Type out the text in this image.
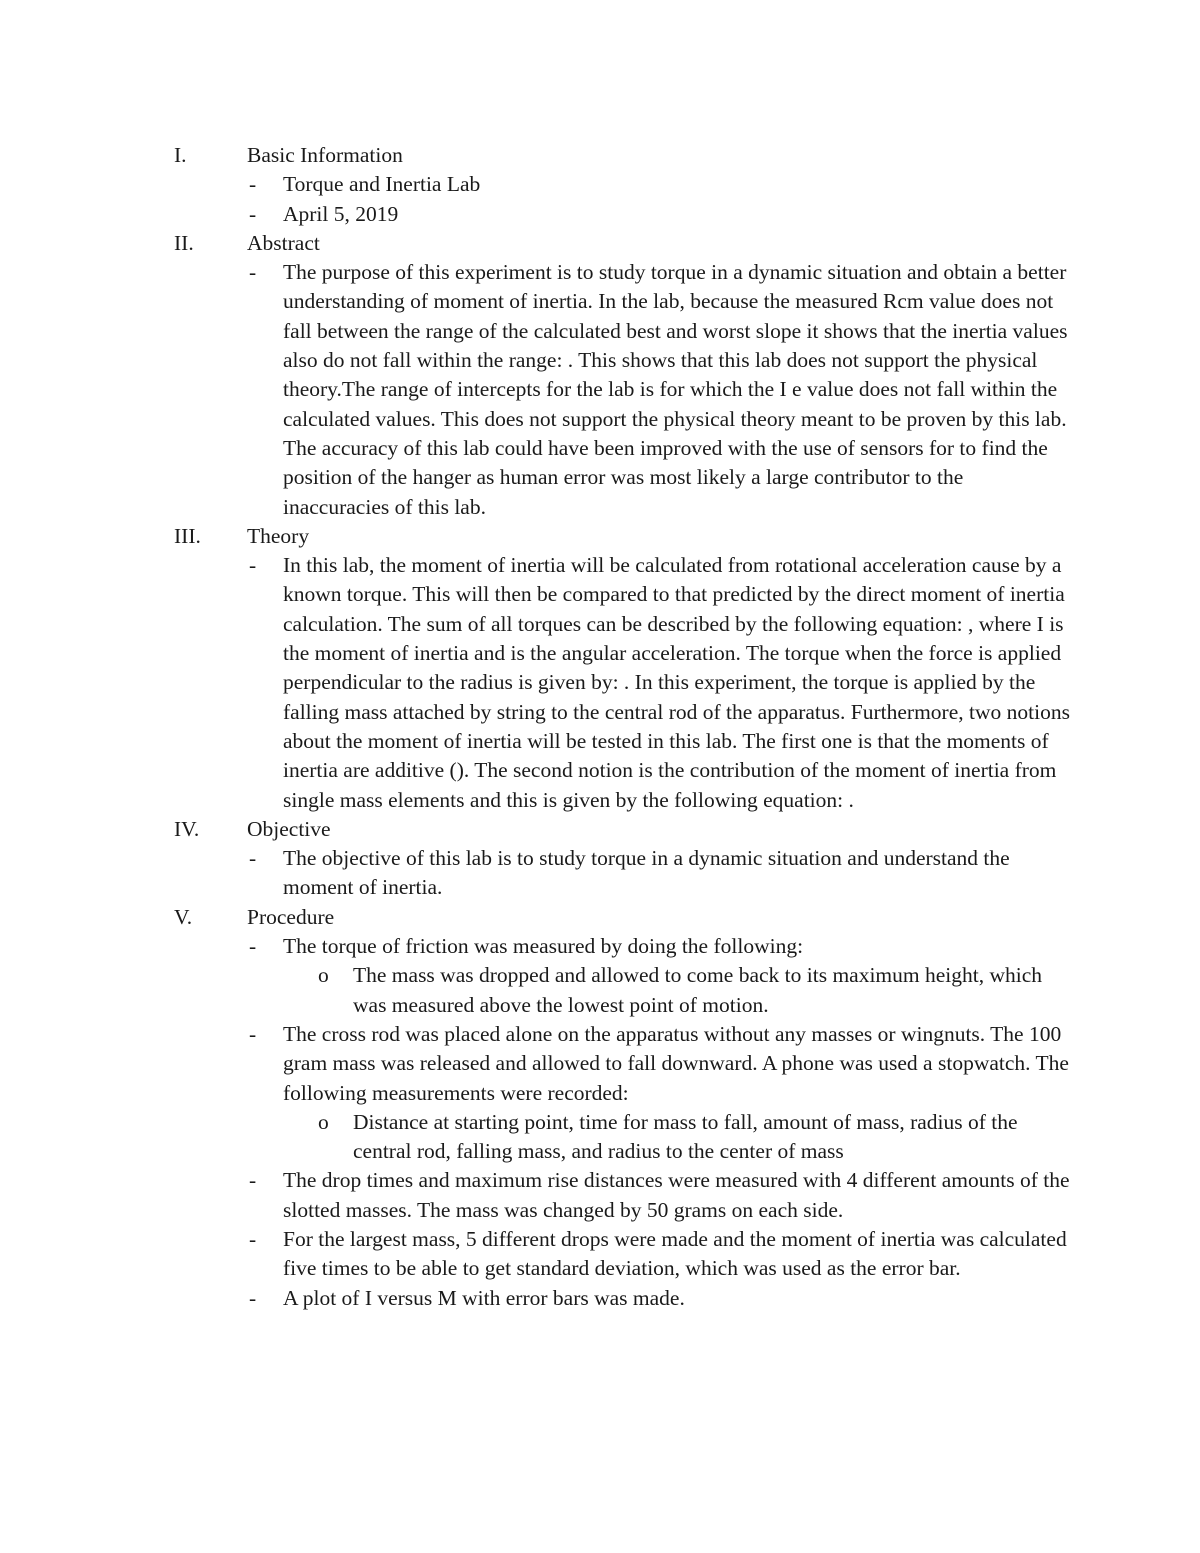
I.	Basic Information
- Torque and Inertia Lab
- April 5, 2019
II. Abstract
- The purpose of this experiment is to study torque in a dynamic situation and obtain a better understanding of moment of inertia. In the lab, because the measured Rcm value does not fall between the range of the calculated best and worst slope it shows that the inertia values also do not fall within the range: . This shows that this lab does not support the physical theory.The range of intercepts for the lab is for which the I e value does not fall within the calculated values. This does not support the physical theory meant to be proven by this lab. The accuracy of this lab could have been improved with the use of sensors for to find the position of the hanger as human error was most likely a large contributor to the inaccuracies of this lab.
III. Theory
- In this lab, the moment of inertia will be calculated from rotational acceleration cause by a known torque. This will then be compared to that predicted by the direct moment of inertia calculation. The sum of all torques can be described by the following equation: , where I is the moment of inertia and is the angular acceleration. The torque when the force is applied perpendicular to the radius is given by: . In this experiment, the torque is applied by the falling mass attached by string to the central rod of the apparatus. Furthermore, two notions about the moment of inertia will be tested in this lab. The first one is that the moments of inertia are additive (). The second notion is the contribution of the moment of inertia from single mass elements and this is given by the following equation: .
IV. Objective
- The objective of this lab is to study torque in a dynamic situation and understand the moment of inertia.
V.	Procedure
- The torque of friction was measured by doing the following:
o The mass was dropped and allowed to come back to its maximum height, which was measured above the lowest point of motion.
- The cross rod was placed alone on the apparatus without any masses or wingnuts. The 100 gram mass was released and allowed to fall downward. A phone was used a stopwatch. The following measurements were recorded:
o Distance at starting point, time for mass to fall, amount of mass, radius of the central rod, falling mass, and radius to the center of mass
- The drop times and maximum rise distances were measured with 4 different amounts of the slotted masses. The mass was changed by 50 grams on each side.
- For the largest mass, 5 different drops were made and the moment of inertia was calculated five times to be able to get standard deviation, which was used as the error bar.
- A plot of I versus M with error bars was made.
